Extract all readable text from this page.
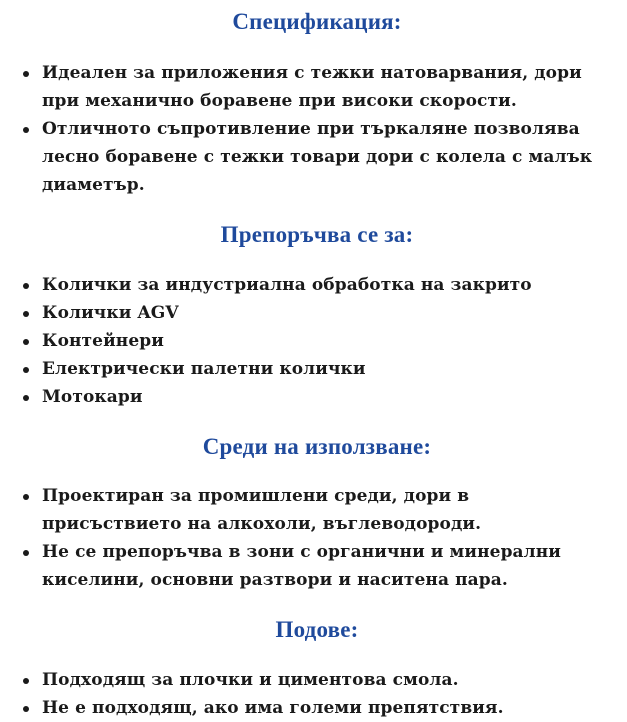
Спецификация:
Идеален за приложения с тежки натоварвания, дори при механично боравене при високи скорости.
Отличното съпротивление при търкаляне позволява лесно боравене с тежки товари дори с колела с малък диаметър.
Препоръчва се за:
Колички за индустриална обработка на закрито
Колички AGV
Контейнери
Електрически палетни колички
Мотокари
Среди на използване:
Проектиран за промишлени среди, дори в присъствието на алкохоли, въглеводороди.
Не се препоръчва в зони с органични и минерални киселини, основни разтвори и наситена пара.
Подове:
Подходящ за плочки и циментова смола.
Не е подходящ, ако има големи препятствия.
